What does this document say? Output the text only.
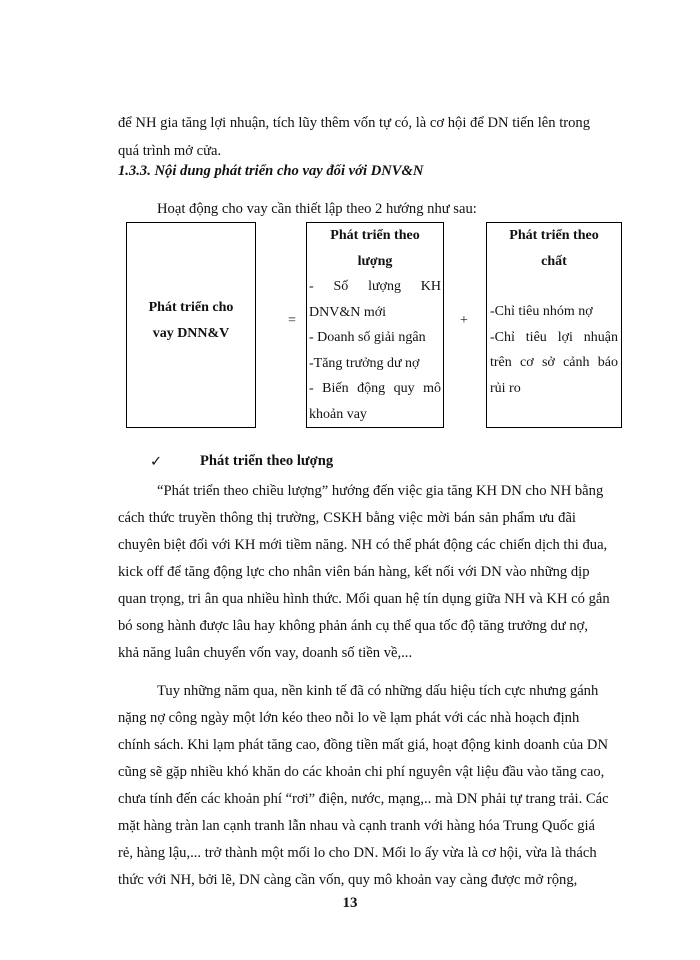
để NH gia tăng lợi nhuận, tích lũy thêm vốn tự có, là cơ hội để DN tiến lên trong
quá trình mở cửa.
1.3.3. Nội dung phát triển cho vay đối với DNV&N
Hoạt động cho vay cần thiết lập theo 2 hướng như sau:
Phát triển cho
vay DNN&V
=
Phát triển theo
lượng
- Số lượng KH
DNV&N mới
- Doanh số giải ngân
-Tăng trưởng dư nợ
- Biến động quy mô
khoản vay
+
Phát triển theo
chất
-Chỉ tiêu nhóm nợ
-Chỉ tiêu lợi nhuận
trên cơ sở cảnh báo
rủi ro
✓	Phát triển theo lượng
“Phát triển theo chiều lượng” hướng đến việc gia tăng KH DN cho NH bằng
cách thức truyền thông thị trường, CSKH bằng việc mời bán sản phẩm ưu đãi
chuyên biệt đối với KH mới tiềm năng. NH có thể phát động các chiến dịch thi đua,
kick off để tăng động lực cho nhân viên bán hàng, kết nối với DN vào những dịp
quan trọng, tri ân qua nhiều hình thức. Mối quan hệ tín dụng giữa NH và KH có gắn
bó song hành được lâu hay không phản ánh cụ thể qua tốc độ tăng trưởng dư nợ,
khả năng luân chuyển vốn vay, doanh số tiền về,...
Tuy những năm qua, nền kinh tế đã có những dấu hiệu tích cực nhưng gánh
nặng nợ công ngày một lớn kéo theo nỗi lo về lạm phát với các nhà hoạch định
chính sách. Khi lạm phát tăng cao, đồng tiền mất giá, hoạt động kinh doanh của DN
cũng sẽ gặp nhiều khó khăn do các khoản chi phí nguyên vật liệu đầu vào tăng cao,
chưa tính đến các khoản phí “rơi” điện, nước, mạng,.. mà DN phải tự trang trải. Các
mặt hàng tràn lan cạnh tranh lẫn nhau và cạnh tranh với hàng hóa Trung Quốc giá
rẻ, hàng lậu,... trở thành một mối lo cho DN. Mối lo ấy vừa là cơ hội, vừa là thách
thức với NH, bởi lẽ, DN càng cần vốn, quy mô khoản vay càng được mở rộng,
13
